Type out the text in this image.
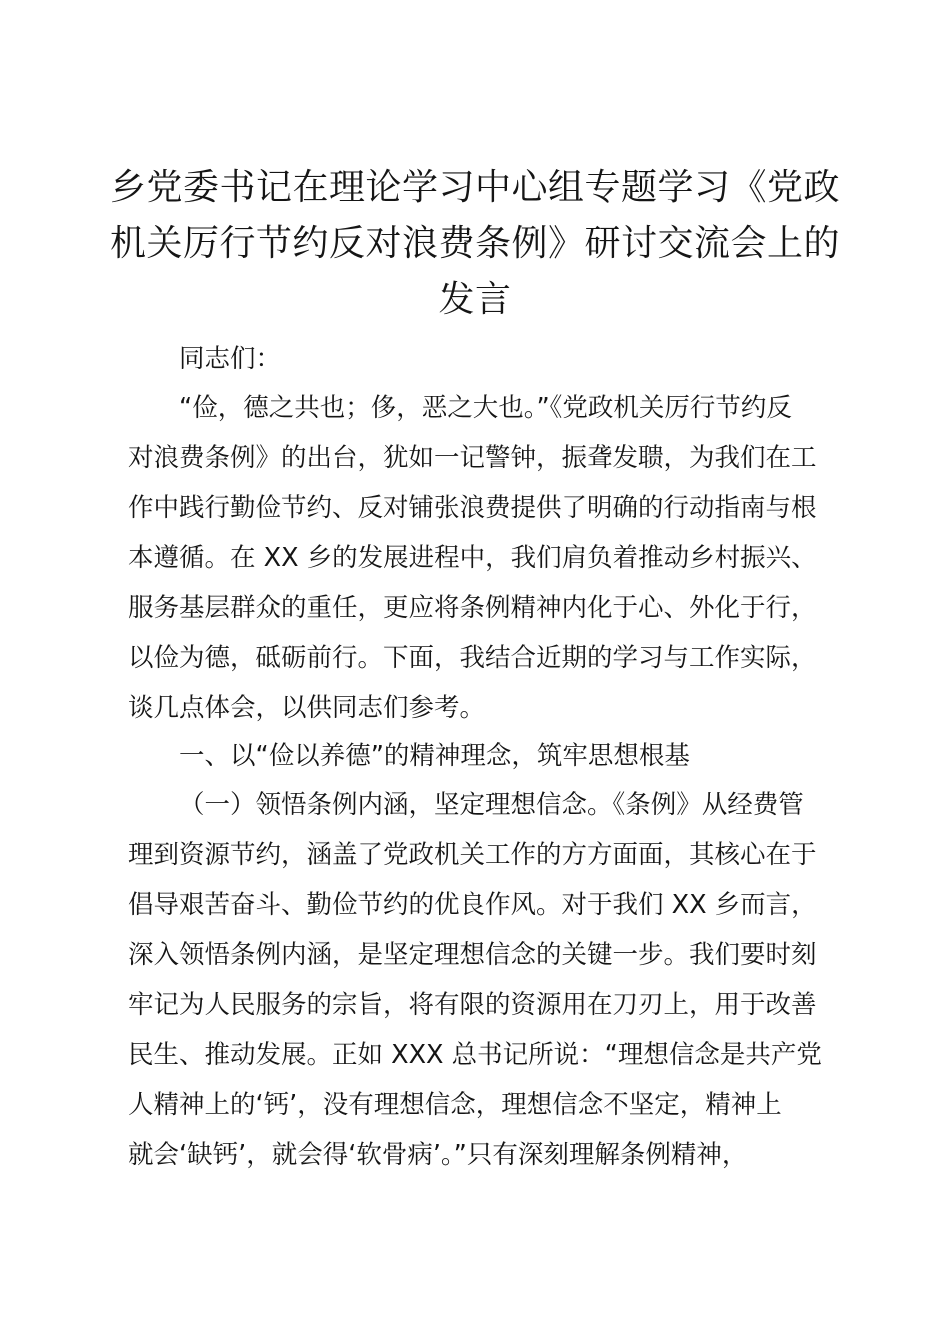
乡党委书记在理论学习中心组专题学习《党政
机关厉行节约反对浪费条例》研讨交流会上的
发言
同志们：
“俭，德之共也；侈，恶之大也。”《党政机关厉行节约反
对浪费条例》的出台，犹如一记警钟，振聋发聩，为我们在工
作中践行勤俭节约、反对铺张浪费提供了明确的行动指南与根
本遵循。在 XX 乡的发展进程中，我们肩负着推动乡村振兴、
服务基层群众的重任，更应将条例精神内化于心、外化于行，
以俭为德，砥砺前行。下面，我结合近期的学习与工作实际，
谈几点体会，以供同志们参考。
一、以“俭以养德”的精神理念，筑牢思想根基
（一）领悟条例内涵，坚定理想信念。《条例》从经费管
理到资源节约，涵盖了党政机关工作的方方面面，其核心在于
倡导艰苦奋斗、勤俭节约的优良作风。对于我们 XX 乡而言，
深入领悟条例内涵，是坚定理想信念的关键一步。我们要时刻
牢记为人民服务的宗旨，将有限的资源用在刀刃上，用于改善
民生、推动发展。正如 XXX 总书记所说：“理想信念是共产党
人精神上的‘钙’，没有理想信念，理想信念不坚定，精神上
就会‘缺钙’，就会得‘软骨病’。”只有深刻理解条例精神，
